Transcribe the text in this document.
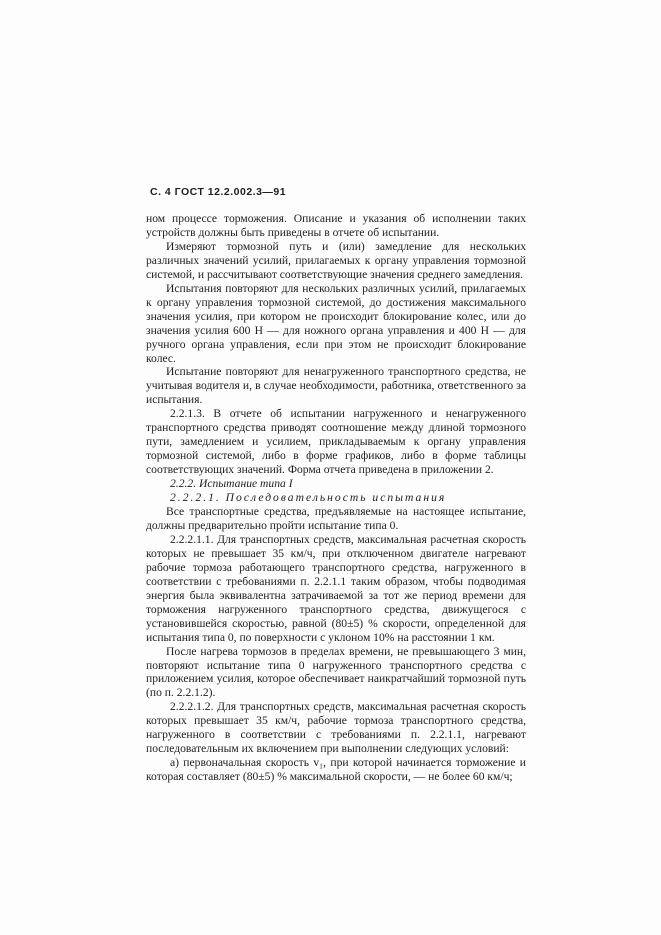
С. 4 ГОСТ 12.2.002.3—91

ном процессе торможения. Описание и указания об исполнении таких устройств должны быть приведены в отчете об испытании.

Измеряют тормозной путь и (или) замедление для нескольких различных значений усилий, прилагаемых к органу управления тормозной системой, и рассчитывают соответствующие значения среднего замедления.

Испытания повторяют для нескольких различных усилий, прилагаемых к органу управления тормозной системой, до достижения максимального значения усилия, при котором не происходит блокирование колес, или до значения усилия 600 Н — для ножного органа управления и 400 Н — для ручного органа управления, если при этом не происходит блокирование колес.

Испытание повторяют для ненагруженного транспортного средства, не учитывая водителя и, в случае необходимости, работника, ответственного за испытания.

2.2.1.3. В отчете об испытании нагруженного и ненагруженного транспортного средства приводят соотношение между длиной тормозного пути, замедлением и усилием, прикладываемым к органу управления тормозной системой, либо в форме графиков, либо в форме таблицы соответствующих значений. Форма отчета приведена в приложении 2.

2.2.2. Испытание типа I

2.2.2.1. Последовательность испытания

Все транспортные средства, предъявляемые на настоящее испытание, должны предварительно пройти испытание типа 0.

2.2.2.1.1. Для транспортных средств, максимальная расчетная скорость которых не превышает 35 км/ч, при отключенном двигателе нагревают рабочие тормоза работающего транспортного средства, нагруженного в соответствии с требованиями п. 2.2.1.1 таким образом, чтобы подводимая энергия была эквивалентна затрачиваемой за тот же период времени для торможения нагруженного транспортного средства, движущегося с установившейся скоростью, равной (80±5) % скорости, определенной для испытания типа 0, по поверхности с уклоном 10% на расстоянии 1 км.

После нагрева тормозов в пределах времени, не превышающего 3 мин, повторяют испытание типа 0 нагруженного транспортного средства с приложением усилия, которое обеспечивает наикратчайший тормозной путь (по п. 2.2.1.2).

2.2.2.1.2. Для транспортных средств, максимальная расчетная скорость которых превышает 35 км/ч, рабочие тормоза транспортного средства, нагруженного в соответствии с требованиями п. 2.2.1.1, нагревают последовательным их включением при выполнении следующих условий:

а) первоначальная скорость v₁, при которой начинается торможение и которая составляет (80±5) % максимальной скорости, — не более 60 км/ч;
